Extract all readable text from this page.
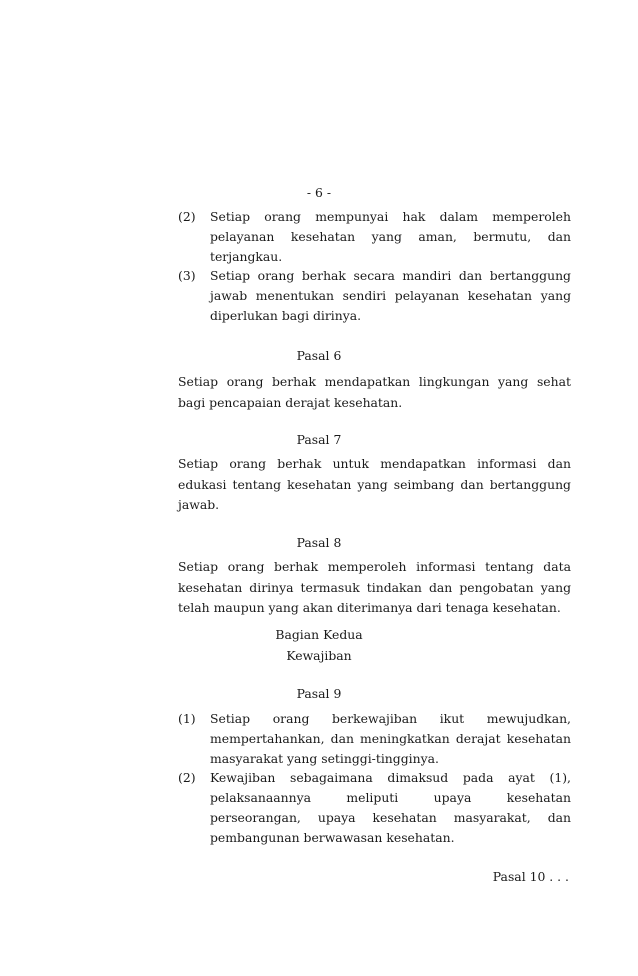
- 6 -
(2)	Setiap orang mempunyai hak dalam memperoleh pelayanan kesehatan yang aman, bermutu, dan terjangkau.
(3)	Setiap orang berhak secara mandiri dan bertanggung jawab menentukan sendiri pelayanan kesehatan yang diperlukan bagi dirinya.
Pasal 6
Setiap orang berhak mendapatkan lingkungan yang sehat bagi pencapaian derajat kesehatan.
Pasal 7
Setiap orang berhak untuk mendapatkan informasi dan edukasi tentang kesehatan yang seimbang dan bertanggung jawab.
Pasal 8
Setiap orang berhak memperoleh informasi tentang data kesehatan dirinya termasuk tindakan dan pengobatan yang telah maupun yang akan diterimanya dari tenaga kesehatan.
Bagian Kedua
Kewajiban
Pasal 9
(1)	Setiap orang berkewajiban ikut mewujudkan, mempertahankan, dan meningkatkan derajat kesehatan masyarakat yang setinggi-tingginya.
(2)	Kewajiban sebagaimana dimaksud pada ayat (1), pelaksanaannya meliputi upaya kesehatan perseorangan, upaya kesehatan masyarakat, dan pembangunan berwawasan kesehatan.
Pasal 10 . . .
